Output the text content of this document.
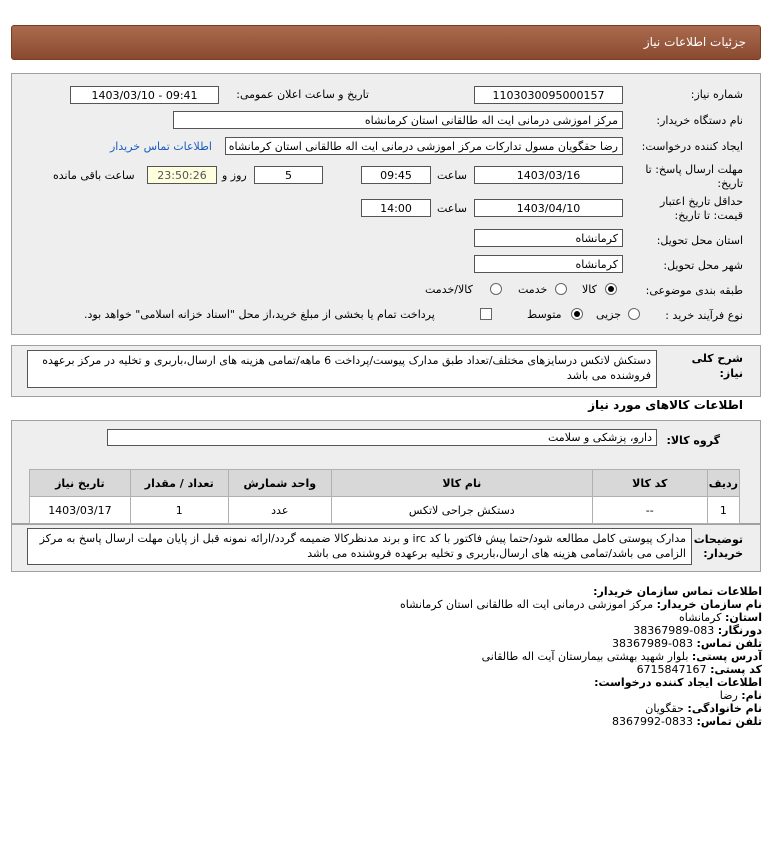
جزئیات اطلاعات نیاز
شماره نیاز:
1103030095000157
تاریخ و ساعت اعلان عمومی:
1403/03/10 - 09:41
نام دستگاه خریدار:
مرکز اموزشی درمانی ایت اله طالقانی استان کرمانشاه
ایجاد کننده درخواست:
رضا حقگویان مسول تداركات مركز اموزشی درمانی ایت اله طالقانی استان كرمانشاه
اطلاعات تماس خریدار
مهلت ارسال پاسخ: تا
تاریخ:
1403/03/16
ساعت
09:45
5
روز و
23:50:26
ساعت باقی مانده
حداقل تاریخ اعتبار
قیمت: تا تاریخ:
1403/04/10
ساعت
14:00
استان محل تحویل:
کرمانشاه
شهر محل تحویل:
کرمانشاه
طبقه بندی موضوعی:
کالا
خدمت
کالا/خدمت
نوع فرآیند خرید :
جزیی
متوسط
پرداخت تمام یا بخشی از مبلغ خرید،از محل "اسناد خزانه اسلامی" خواهد بود.
شرح کلی
نیاز:
دستکش لاتکس درسایزهای مختلف/تعداد طبق مدارک پیوست/پرداخت 6 ماهه/تمامی هزینه های ارسال،باربری و تخلیه در مرکز برعهده فروشنده می باشد
اطلاعات کالاهای مورد نیاز
گروه کالا:
دارو، پزشکی و سلامت
ردیف	کد کالا	نام کالا	واحد شمارش	تعداد / مقدار	تاریخ نیاز
1	--	دستکش جراحی لاتکس	عدد	1	1403/03/17
توضیحات
خریدار:
مدارک پیوستی کامل مطالعه شود/حتما پیش فاکتور با کد irc و برند مدنظرکالا ضمیمه گردد/ارائه نمونه قبل از پایان مهلت ارسال پاسخ به مرکز الزامی می باشد/تمامی هزینه های ارسال،باربری و تخلیه برعهده فروشنده می باشد
اطلاعات تماس سازمان خریدار:
نام سازمان خریدار: مرکز اموزشی درمانی ایت اله طالقانی استان کرمانشاه
استان: کرمانشاه
دورنگار: 083-38367989
تلفن تماس: 083-38367989
آدرس پستی: بلوار شهید بهشتی بیمارستان آیت اله طالقانی
کد پستی: 6715847167
اطلاعات ایجاد کننده درخواست:
نام: رضا
نام خانوادگی: حقگویان
تلفن تماس: 0833-8367992
